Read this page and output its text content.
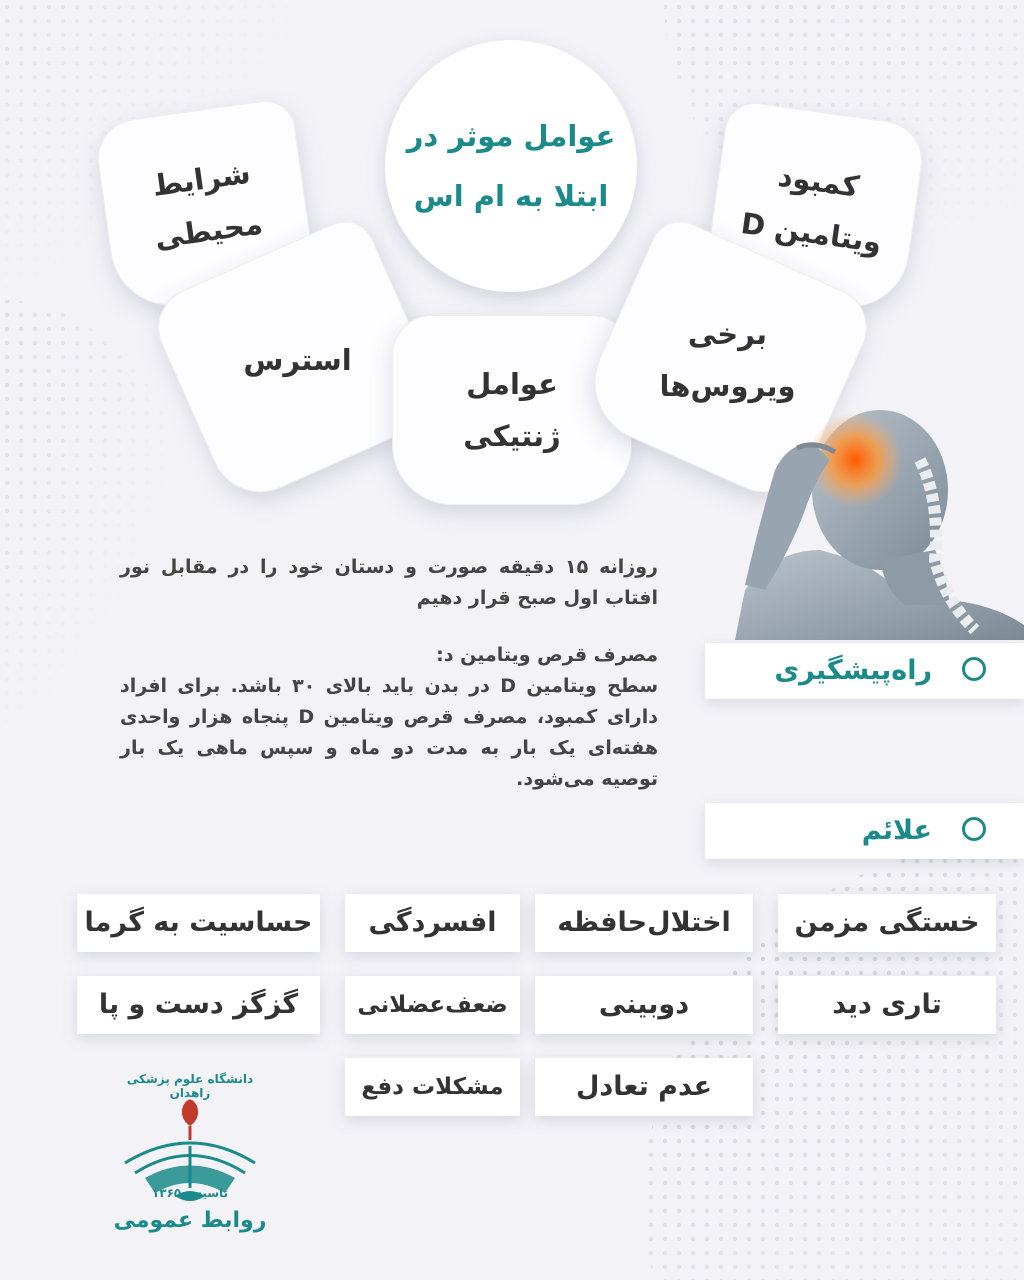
عوامل موثر در
ابتلا به ام اس
شرایط
محیطی
کمبود
ویتامین D
استرس
عوامل
ژنتیکی
برخی
ویروس‌ها
روزانه ۱۵ دقیقه صورت و دستان خود را در مقابل نور افتاب اول صبح قرار دهیم
مصرف قرص ویتامین د:
سطح ویتامین D در بدن باید بالای ۳۰ باشد. برای افراد دارای کمبود، مصرف قرص ویتامین D پنجاه هزار واحدی هفته‌ای یک بار به مدت دو ماه و سپس ماهی یک بار توصیه می‌شود.
راه‌پیشگیری
علائم
خستگی مزمن
اختلال‌حافظه
افسردگی
حساسیت به گرما
تاری دید
دوبینی
ضعف‌عضلانی
گزگز دست و پا
عدم تعادل
مشکلات دفع
دانشگاه علوم پزشکی زاهدان
تاسیس ۱۳۶۵
روابط عمومی
